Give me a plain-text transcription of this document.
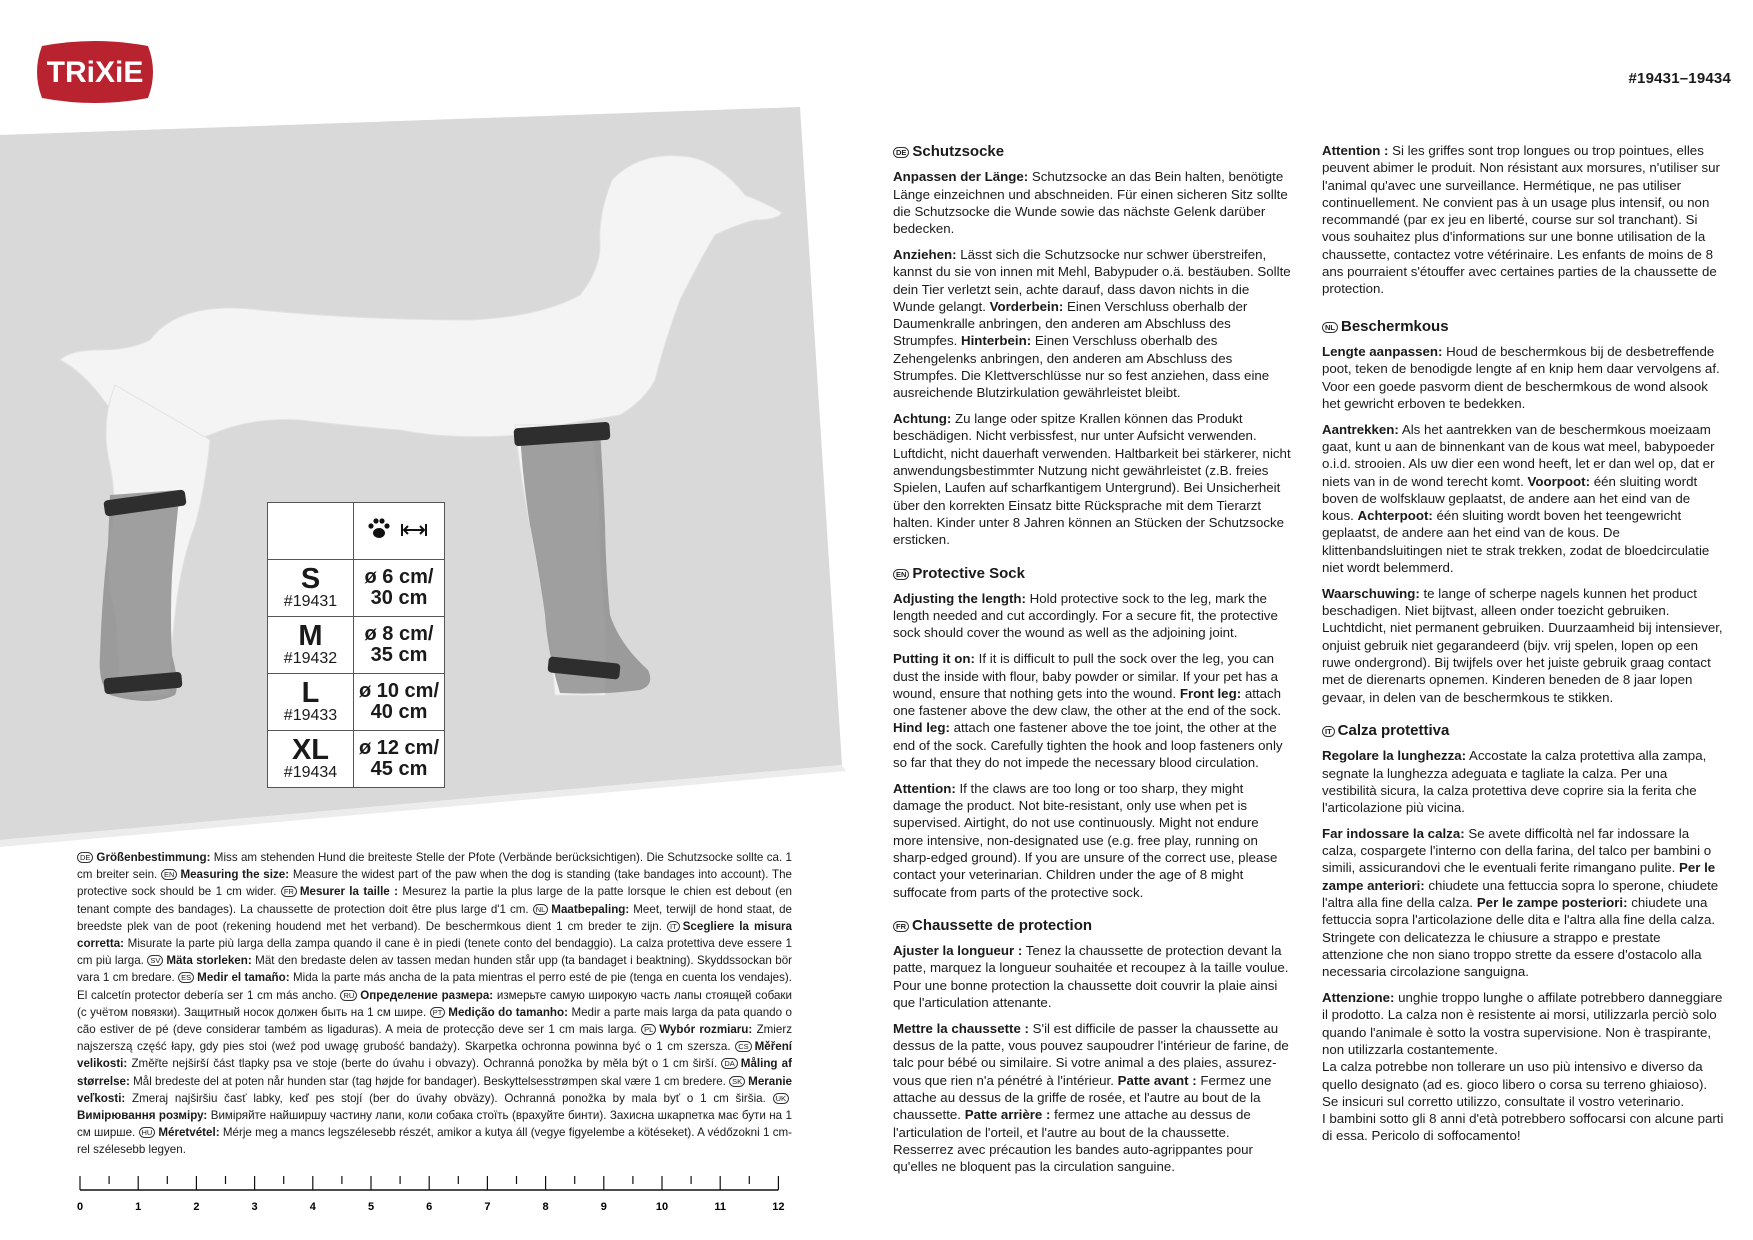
TRiXiE	#19431–19434

S
#19431	ø 6 cm/
30 cm

M
#19432	ø 8 cm/
35 cm

L
#19433	ø 10 cm/
40 cm

XL
#19434	ø 12 cm/
45 cm
DE Größenbestimmung: Miss am stehenden Hund die breiteste Stelle der Pfote (Verbände berücksichtigen). Die Schutzsocke sollte ca. 1 cm breiter sein. EN Measuring the size: Measure the widest part of the paw when the dog is standing (take bandages into account). The protective sock should be 1 cm wider. FR Mesurer la taille : Mesurez la partie la plus large de la patte lorsque le chien est debout (en tenant compte des bandages). La chaussette de protection doit être plus large d'1 cm. NL Maatbepaling: Meet, terwijl de hond staat, de breedste plek van de poot (rekening houdend met het verband). De beschermkous dient 1 cm breder te zijn. IT Scegliere la misura corretta: Misurate la parte più larga della zampa quando il cane è in piedi (tenete conto del bendaggio). La calza protettiva deve essere 1 cm più larga. SV Mäta storleken: Mät den bredaste delen av tassen medan hunden står upp (ta bandaget i beaktning). Skyddssockan bör vara 1 cm bredare. ES Medir el tamaño: Mida la parte más ancha de la pata mientras el perro esté de pie (tenga en cuenta los vendajes). El calcetín protector debería ser 1 cm más ancho. RU Определение размера: измерьте самую широкую часть лапы стоящей собаки (с учётом повязки). Защитный носок должен быть на 1 см шире. PT Medição do tamanho: Medir a parte mais larga da pata quando o cão estiver de pé (deve considerar também as ligaduras). A meia de protecção deve ser 1 cm mais larga. PL Wybór rozmiaru: Zmierz najszerszą część łapy, gdy pies stoi (weź pod uwagę grubość bandaży). Skarpetka ochronna powinna być o 1 cm szersza. CS Měření velikosti: Změřte nejširší část tlapky psa ve stoje (berte do úvahu i obvazy). Ochranná ponožka by měla být o 1 cm širší. DA Måling af størrelse: Mål bredeste del at poten når hunden star (tag højde for bandager). Beskyttelsesstrømpen skal være 1 cm bredere. SK Meranie veľkosti: Zmeraj najširšiu časť labky, keď pes stojí (ber do úvahy obväzy). Ochranná ponožka by mala byť o 1 cm širšia. UKВимірювання розміру: Виміряйте найширшу частину лапи, коли собака стоїть (врахуйте бинти). Захисна шкарпетка має бути на 1 см ширше. HU Méretvétel: Mérje meg a mancs legszélesebb részét, amikor a kutya áll (vegye figyelembe a kötéseket). A védőzokni 1 cm-rel szélesebb legyen.
0	1	2	3	4	5	6	7	8	9	10	11	12
DE Schutzsocke

Anpassen der Länge: Schutzsocke an das Bein halten, benötigte Länge einzeichnen und abschneiden. Für einen sicheren Sitz sollte die Schutzsocke die Wunde sowie das nächste Gelenk darüber bedecken.

Anziehen: Lässt sich die Schutzsocke nur schwer überstreifen, kannst du sie von innen mit Mehl, Babypuder o.ä. bestäuben. Sollte dein Tier verletzt sein, achte darauf, dass davon nichts in die Wunde gelangt. Vorderbein: Einen Verschluss oberhalb der Daumenkralle anbringen, den anderen am Abschluss des Strumpfes. Hinterbein: Einen Verschluss oberhalb des Zehengelenks anbringen, den anderen am Abschluss des Strumpfes. Die Klettverschlüsse nur so fest anziehen, dass eine ausreichende Blutzirkulation gewährleistet bleibt.

Achtung: Zu lange oder spitze Krallen können das Produkt beschädigen. Nicht verbissfest, nur unter Aufsicht verwenden. Luftdicht, nicht dauerhaft verwenden. Haltbarkeit bei stärkerer, nicht anwendungsbestimmter Nutzung nicht gewährleistet (z.B. freies Spielen, Laufen auf scharfkantigem Untergrund). Bei Unsicherheit über den korrekten Einsatz bitte Rücksprache mit dem Tierarzt halten. Kinder unter 8 Jahren können an Stücken der Schutzsocke ersticken.

EN Protective Sock

Adjusting the length: Hold protective sock to the leg, mark the length needed and cut accordingly. For a secure fit, the protective sock should cover the wound as well as the adjoining joint.

Putting it on: If it is difficult to pull the sock over the leg, you can dust the inside with flour, baby powder or similar. If your pet has a wound, ensure that nothing gets into the wound. Front leg: attach one fastener above the dew claw, the other at the end of the sock. Hind leg: attach one fastener above the toe joint, the other at the end of the sock. Carefully tighten the hook and loop fasteners only so far that they do not impede the necessary blood circulation.

Attention: If the claws are too long or too sharp, they might damage the product. Not bite-resistant, only use when pet is supervised. Airtight, do not use continuously. Might not endure more intensive, non-designated use (e.g. free play, running on sharp-edged ground). If you are unsure of the correct use, please contact your veterinarian. Children under the age of 8 might suffocate from parts of the protective sock.

FR Chaussette de protection

Ajuster la longueur : Tenez la chaussette de protection devant la patte, marquez la longueur souhaitée et recoupez à la taille voulue. Pour une bonne protection la chaussette doit couvrir la plaie ainsi que l'articulation attenante.

Mettre la chaussette : S'il est difficile de passer la chaussette au dessus de la patte, vous pouvez saupoudrer l'intérieur de farine, de talc pour bébé ou similaire. Si votre animal a des plaies, assurez-vous que rien n'a pénétré à l'intérieur. Patte avant : Fermez une attache au dessus de la griffe de rosée, et l'autre au bout de la chaussette. Patte arrière : fermez une attache au dessus de l'articulation de l'orteil, et l'autre au bout de la chaussette. Resserrez avec précaution les bandes auto-agrippantes pour qu'elles ne bloquent pas la circulation sanguine.

Attention : Si les griffes sont trop longues ou trop pointues, elles peuvent abimer le produit. Non résistant aux morsures, n'utiliser sur l'animal qu'avec une surveillance. Hermétique, ne pas utiliser continuellement. Ne convient pas à un usage plus intensif, ou non recommandé (par ex jeu en liberté, course sur sol tranchant). Si vous souhaitez plus d'informations sur une bonne utilisation de la chaussette, contactez votre vétérinaire. Les enfants de moins de 8 ans pourraient s'étouffer avec certaines parties de la chaussette de protection.

NL Beschermkous

Lengte aanpassen: Houd de beschermkous bij de desbetreffende poot, teken de benodigde lengte af en knip hem daar vervolgens af. Voor een goede pasvorm dient de beschermkous de wond alsook het gewricht erboven te bedekken.

Aantrekken: Als het aantrekken van de beschermkous moeizaam gaat, kunt u aan de binnenkant van de kous wat meel, babypoeder o.i.d. strooien. Als uw dier een wond heeft, let er dan wel op, dat er niets van in de wond terecht komt. Voorpoot: één sluiting wordt boven de wolfsklauw geplaatst, de andere aan het eind van de kous. Achterpoot: één sluiting wordt boven het teengewricht geplaatst, de andere aan het eind van de kous. De klittenbandsluitingen niet te strak trekken, zodat de bloedcirculatie niet wordt belemmerd.

Waarschuwing: te lange of scherpe nagels kunnen het product beschadigen. Niet bijtvast, alleen onder toezicht gebruiken. Luchtdicht, niet permanent gebruiken. Duurzaamheid bij intensiever, onjuist gebruik niet gegarandeerd (bijv. vrij spelen, lopen op een ruwe ondergrond). Bij twijfels over het juiste gebruik graag contact met de dierenarts opnemen. Kinderen beneden de 8 jaar lopen gevaar, in delen van de beschermkous te stikken.

IT Calza protettiva

Regolare la lunghezza: Accostate la calza protettiva alla zampa, segnate la lunghezza adeguata e tagliate la calza. Per una vestibilità sicura, la calza protettiva deve coprire sia la ferita che l'articolazione più vicina.

Far indossare la calza: Se avete difficoltà nel far indossare la calza, cospargete l'interno con della farina, del talco per bambini o simili, assicurandovi che le eventuali ferite rimangano pulite. Per le zampe anteriori: chiudete una fettuccia sopra lo sperone, chiudete l'altra alla fine della calza. Per le zampe posteriori: chiudete una fettuccia sopra l'articolazione delle dita e l'altra alla fine della calza. Stringete con delicatezza le chiusure a strappo e prestate attenzione che non siano troppo strette da essere d'ostacolo alla necessaria circolazione sanguigna.

Attenzione: unghie troppo lunghe o affilate potrebbero danneggiare il prodotto. La calza non è resistente ai morsi, utilizzarla perciò solo quando l'animale è sotto la vostra supervisione. Non è traspirante, non utilizzarla costantemente.

La calza potrebbe non tollerare un uso più intensivo e diverso da quello designato (ad es. gioco libero o corsa su terreno ghiaioso). Se insicuri sul corretto utilizzo, consultate il vostro veterinario.

I bambini sotto gli 8 anni d'età potrebbero soffocarsi con alcune parti di essa. Pericolo di soffocamento!
